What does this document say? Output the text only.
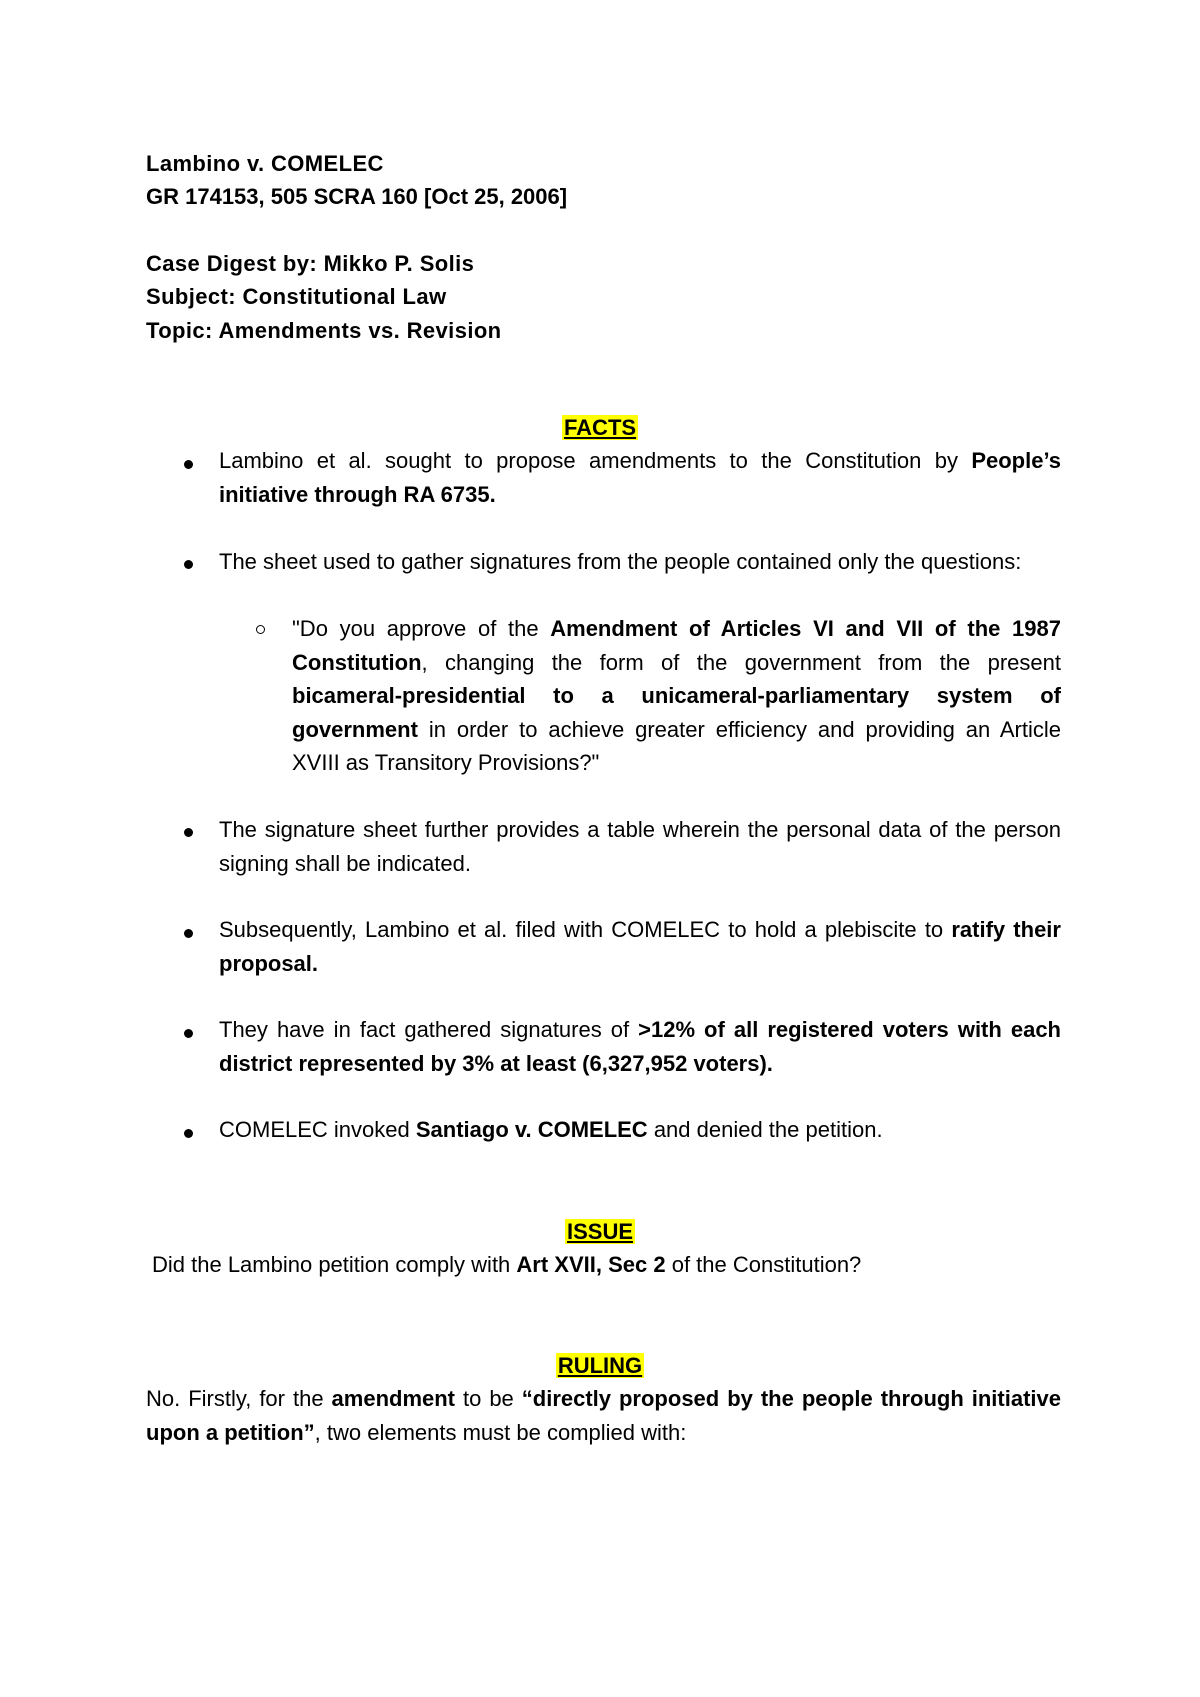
Lambino v. COMELEC
GR 174153, 505 SCRA 160 [Oct 25, 2006]
Case Digest by: Mikko P. Solis
Subject: Constitutional Law
Topic: Amendments vs. Revision
FACTS

Lambino et al. sought to propose amendments to the Constitution by People’s initiative through RA 6735.

The sheet used to gather signatures from the people contained only the questions:

"Do you approve of the Amendment of Articles VI and VII of the 1987 Constitution, changing the form of the government from the present bicameral-presidential to a unicameral-parliamentary system of government in order to achieve greater efficiency and providing an Article XVIII as Transitory Provisions?"

The signature sheet further provides a table wherein the personal data of the person signing shall be indicated.

Subsequently, Lambino et al. filed with COMELEC to hold a plebiscite to ratify their proposal.

They have in fact gathered signatures of >12% of all registered voters with each district represented by 3% at least (6,327,952 voters).

COMELEC invoked Santiago v. COMELEC and denied the petition.

ISSUE
Did the Lambino petition comply with Art XVII, Sec 2 of the Constitution?
RULING

No. Firstly, for the amendment to be “directly proposed by the people through initiative upon a petition”, two elements must be complied with:
